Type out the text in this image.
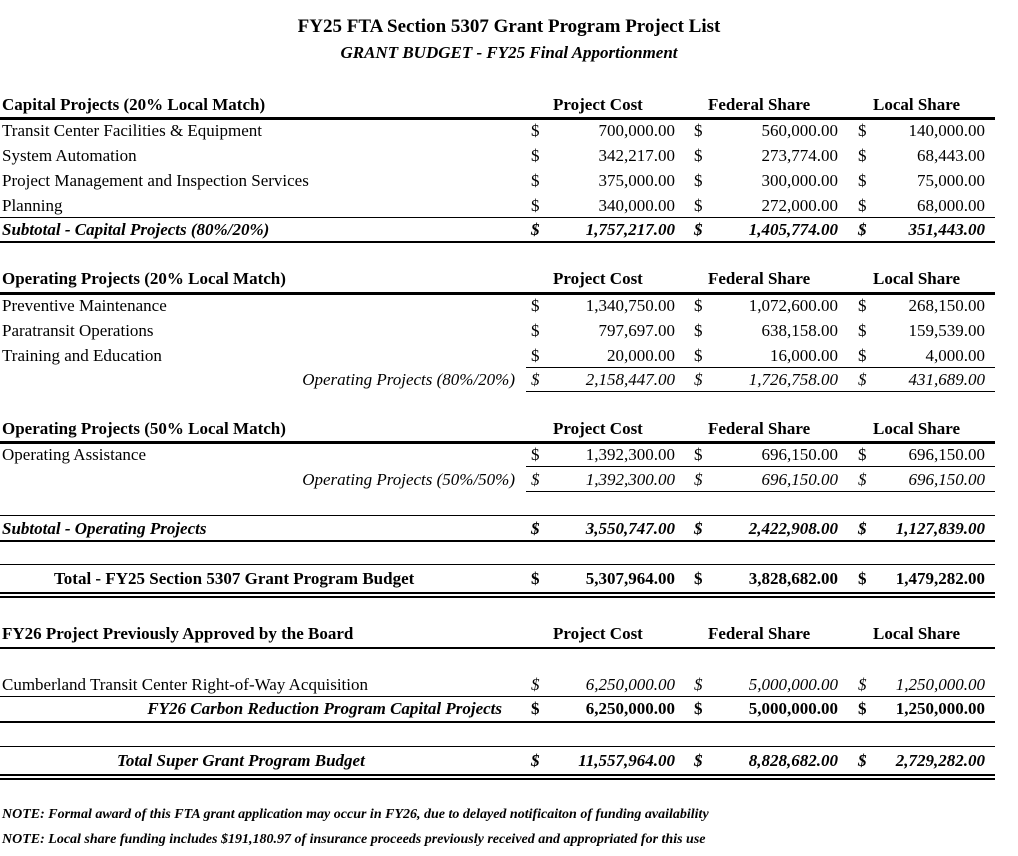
FY25 FTA Section 5307 Grant Program Project List
GRANT BUDGET - FY25 Final Apportionment
Capital Projects (20% Local Match)	Project Cost	Federal Share	Local Share
Transit Center Facilities & Equipment	$	700,000.00 $	560,000.00 $ 140,000.00
System Automation	$	342,217.00 $	273,774.00 $	68,443.00
Project Management and Inspection Services	$	375,000.00 $	300,000.00 $	75,000.00
Planning	$	340,000.00 $	272,000.00 $	68,000.00
Subtotal - Capital Projects (80%/20%)	$	1,757,217.00 $	1,405,774.00 $ 351,443.00
Operating Projects (20% Local Match)	Project Cost	Federal Share	Local Share
Preventive Maintenance	$	1,340,750.00 $	1,072,600.00 $ 268,150.00
Paratransit Operations	$	797,697.00 $	638,158.00 $ 159,539.00
Training and Education	$	20,000.00 $	16,000.00 $	4,000.00
Operating Projects (80%/20%) $	2,158,447.00 $	1,726,758.00 $ 431,689.00
Operating Projects (50% Local Match)	Project Cost	Federal Share	Local Share
Operating Assistance	$	1,392,300.00 $	696,150.00 $ 696,150.00
Operating Projects (50%/50%) $	1,392,300.00 $	696,150.00 $ 696,150.00
Subtotal - Operating Projects	$	3,550,747.00 $	2,422,908.00 $ 1,127,839.00
Total - FY25 Section 5307 Grant Program Budget	$	5,307,964.00 $	3,828,682.00 $ 1,479,282.00
FY26 Project Previously Approved by the Board	Project Cost	Federal Share	Local Share
Cumberland Transit Center Right-of-Way Acquisition	$	6,250,000.00 $	5,000,000.00 $ 1,250,000.00
FY26 Carbon Reduction Program Capital Projects $	6,250,000.00 $	5,000,000.00 $ 1,250,000.00
Total Super Grant Program Budget	$ 11,557,964.00 $	8,828,682.00 $ 2,729,282.00
NOTE: Formal award of this FTA grant application may occur in FY26, due to delayed notificaiton of funding availability
NOTE: Local share funding includes $191,180.97 of insurance proceeds previously received and appropriated for this use
